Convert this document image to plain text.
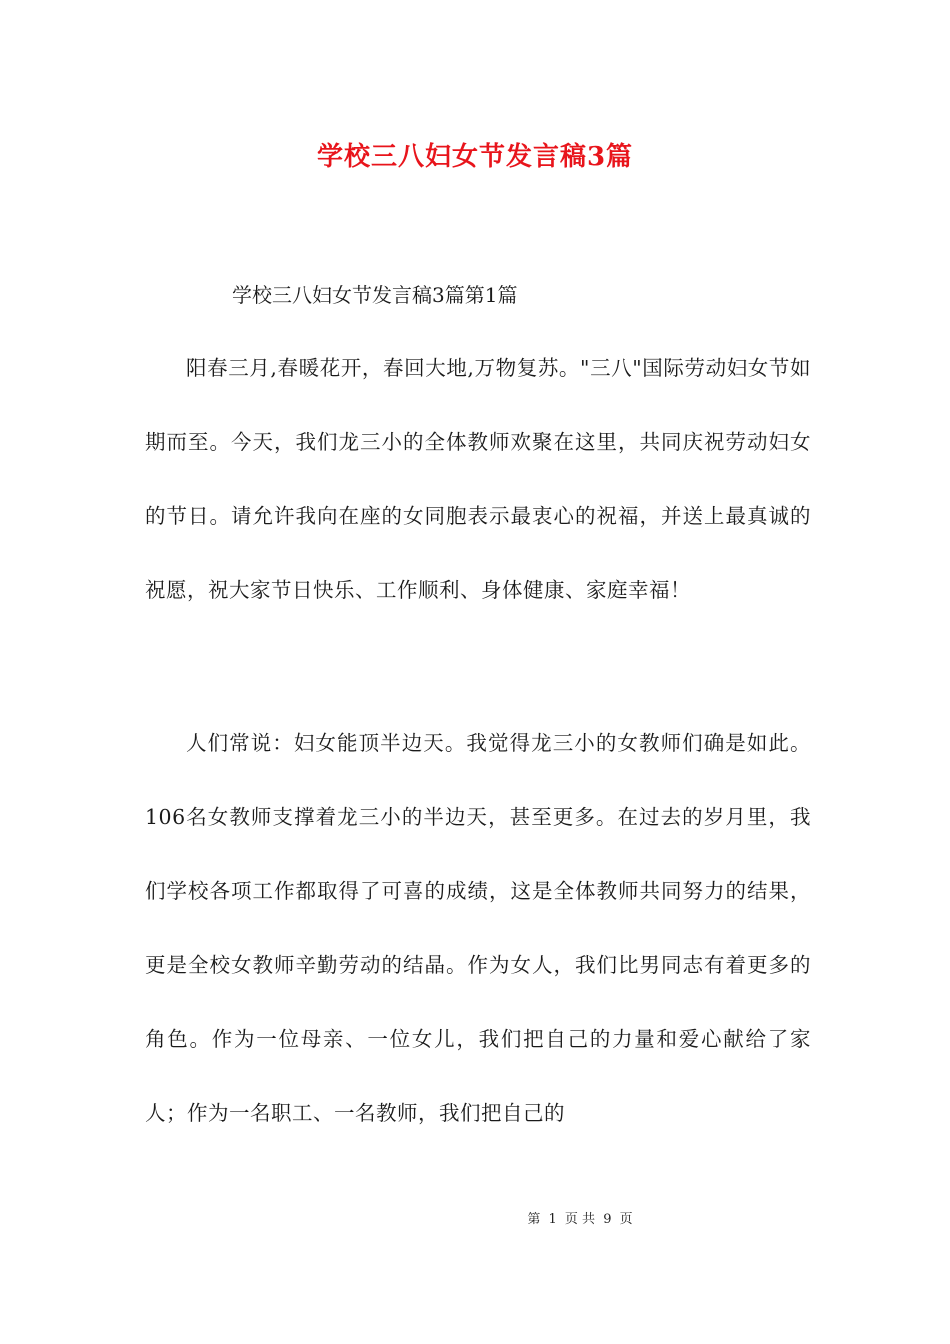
学校三八妇女节发言稿3篇
学校三八妇女节发言稿3篇第1篇

阳春三月,春暖花开，春回大地,万物复苏。"三八"国际劳动妇女节如期而至。今天，我们龙三小的全体教师欢聚在这里，共同庆祝劳动妇女的节日。请允许我向在座的女同胞表示最衷心的祝福，并送上最真诚的祝愿，祝大家节日快乐、工作顺利、身体健康、家庭幸福！

人们常说：妇女能顶半边天。我觉得龙三小的女教师们确是如此。106名女教师支撑着龙三小的半边天，甚至更多。在过去的岁月里，我们学校各项工作都取得了可喜的成绩，这是全体教师共同努力的结果，更是全校女教师辛勤劳动的结晶。作为女人，我们比男同志有着更多的角色。作为一位母亲、一位女儿，我们把自己的力量和爱心献给了家人；作为一名职工、一名教师，我们把自己的

第 1 页 共 9 页
